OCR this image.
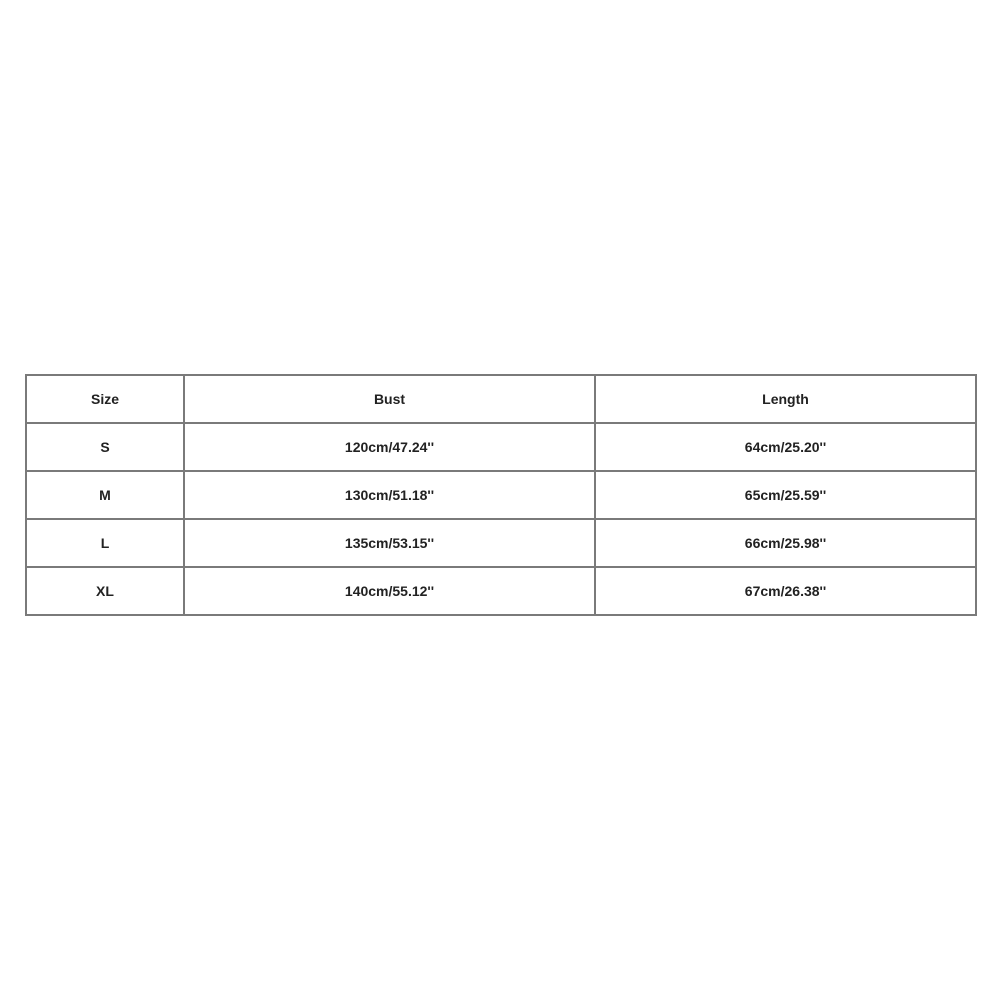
Size	Bust	Length
S	120cm/47.24''	64cm/25.20''
M	130cm/51.18''	65cm/25.59''
L	135cm/53.15''	66cm/25.98''
XL	140cm/55.12''	67cm/26.38''
